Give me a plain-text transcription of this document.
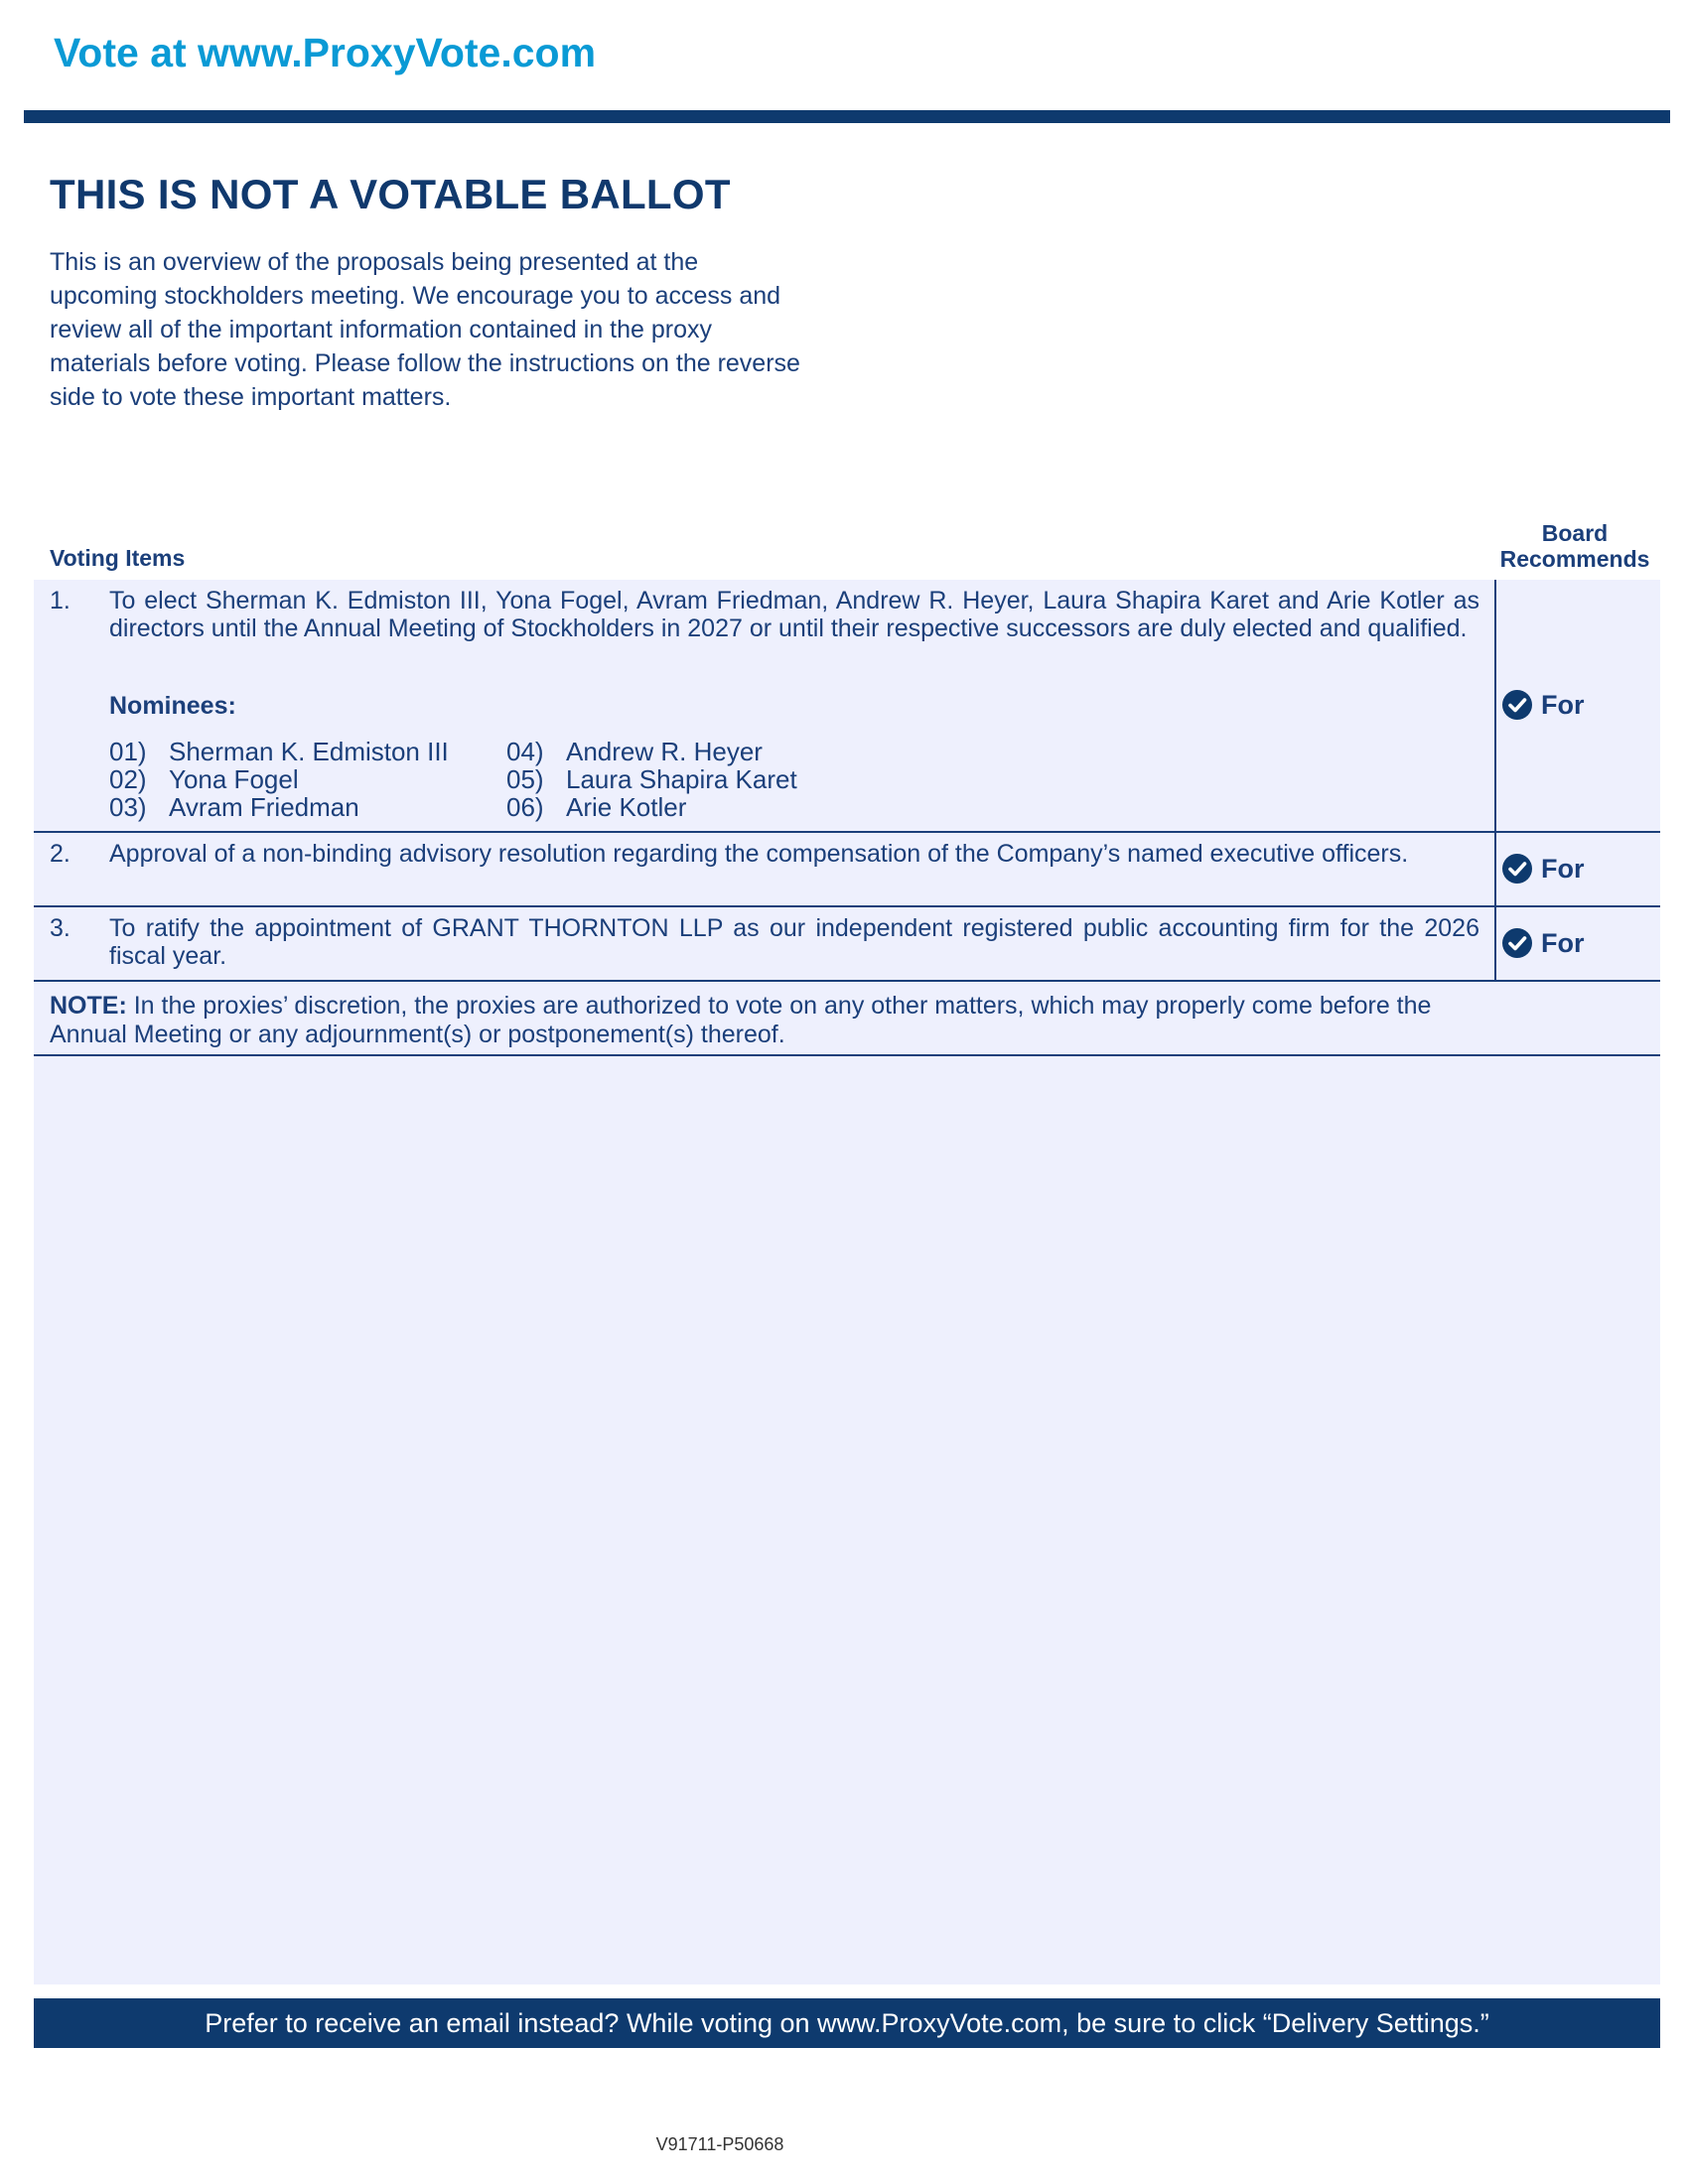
Vote at www.ProxyVote.com
THIS IS NOT A VOTABLE BALLOT

This is an overview of the proposals being presented at the upcoming stockholders meeting. We encourage you to access and review all of the important information contained in the proxy materials before voting. Please follow the instructions on the reverse side to vote these important matters.

Voting Items
Board
Recommends
1. To elect Sherman K. Edmiston III, Yona Fogel, Avram Friedman, Andrew R. Heyer, Laura Shapira Karet and Arie Kotler as directors until the Annual Meeting of Stockholders in 2027 or until their respective successors are duly elected and qualified.

Nominees:
01) Sherman K. Edmiston III
02) Yona Fogel
03) Avram Friedman
04) Andrew R. Heyer
05) Laura Shapira Karet
06) Arie Kotler
For
2. Approval of a non-binding advisory resolution regarding the compensation of the Company’s named executive officers.	For
3. To ratify the appointment of GRANT THORNTON LLP as our independent registered public accounting firm for the 2026 fiscal year.	For

NOTE: In the proxies’ discretion, the proxies are authorized to vote on any other matters, which may properly come before the Annual Meeting or any adjournment(s) or postponement(s) thereof.

Prefer to receive an email instead? While voting on www.ProxyVote.com, be sure to click “Delivery Settings.”
V91711-P50668
